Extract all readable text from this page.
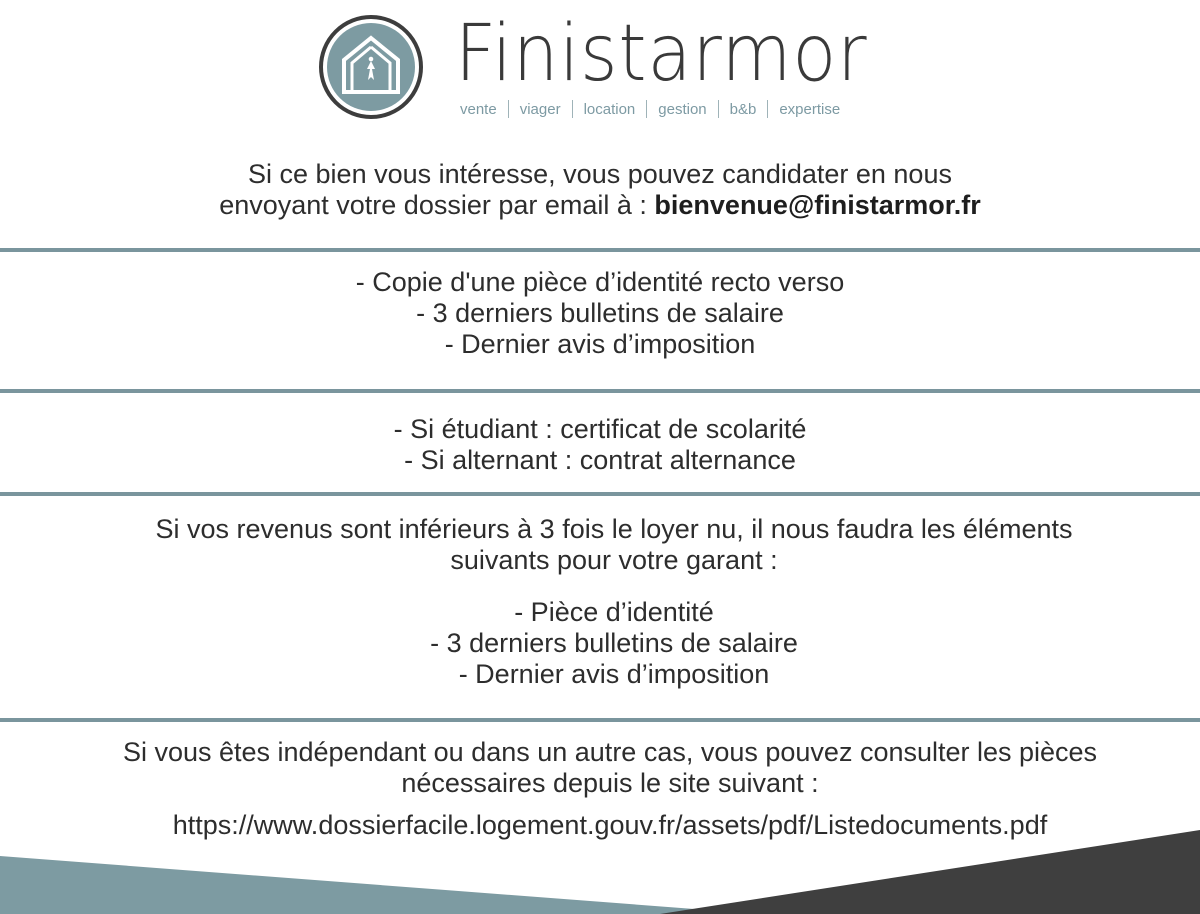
Finistarmor
vente	viager	location	gestion	b&b	expertise
Si ce bien vous intéresse, vous pouvez candidater en nous
envoyant votre dossier par email à : bienvenue@finistarmor.fr
- Copie d'une pièce d’identité recto verso
- 3 derniers bulletins de salaire
- Dernier avis d’imposition
- Si étudiant : certificat de scolarité
- Si alternant : contrat alternance
Si vos revenus sont inférieurs à 3 fois le loyer nu, il nous faudra les éléments
suivants pour votre garant :
- Pièce d’identité
- 3 derniers bulletins de salaire
- Dernier avis d’imposition
Si vous êtes indépendant ou dans un autre cas, vous pouvez consulter les pièces
nécessaires depuis le site suivant :
https://www.dossierfacile.logement.gouv.fr/assets/pdf/Listedocuments.pdf
